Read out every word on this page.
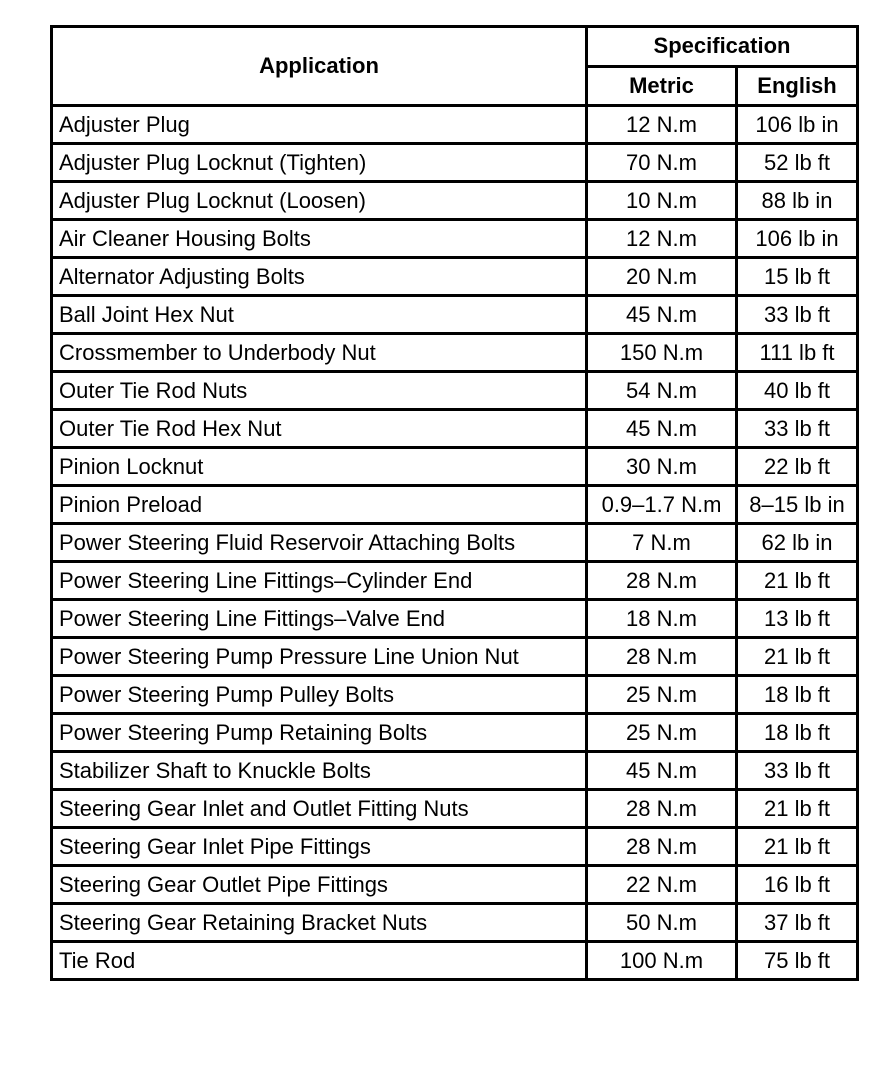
Application	Specification	
	Metric	English
Adjuster Plug	12 N.m	106 lb in
Adjuster Plug Locknut (Tighten)	70 N.m	52 lb ft
Adjuster Plug Locknut (Loosen)	10 N.m	88 lb in
Air Cleaner Housing Bolts	12 N.m	106 lb in
Alternator Adjusting Bolts	20 N.m	15 lb ft
Ball Joint Hex Nut	45 N.m	33 lb ft
Crossmember to Underbody Nut	150 N.m	111 lb ft
Outer Tie Rod Nuts	54 N.m	40 lb ft
Outer Tie Rod Hex Nut	45 N.m	33 lb ft
Pinion Locknut	30 N.m	22 lb ft
Pinion Preload	0.9–1.7 N.m	8–15 lb in
Power Steering Fluid Reservoir Attaching Bolts	7 N.m	62 lb in
Power Steering Line Fittings–Cylinder End	28 N.m	21 lb ft
Power Steering Line Fittings–Valve End	18 N.m	13 lb ft
Power Steering Pump Pressure Line Union Nut	28 N.m	21 lb ft
Power Steering Pump Pulley Bolts	25 N.m	18 lb ft
Power Steering Pump Retaining Bolts	25 N.m	18 lb ft
Stabilizer Shaft to Knuckle Bolts	45 N.m	33 lb ft
Steering Gear Inlet and Outlet Fitting Nuts	28 N.m	21 lb ft
Steering Gear Inlet Pipe Fittings	28 N.m	21 lb ft
Steering Gear Outlet Pipe Fittings	22 N.m	16 lb ft
Steering Gear Retaining Bracket Nuts	50 N.m	37 lb ft
Tie Rod	100 N.m	75 lb ft
